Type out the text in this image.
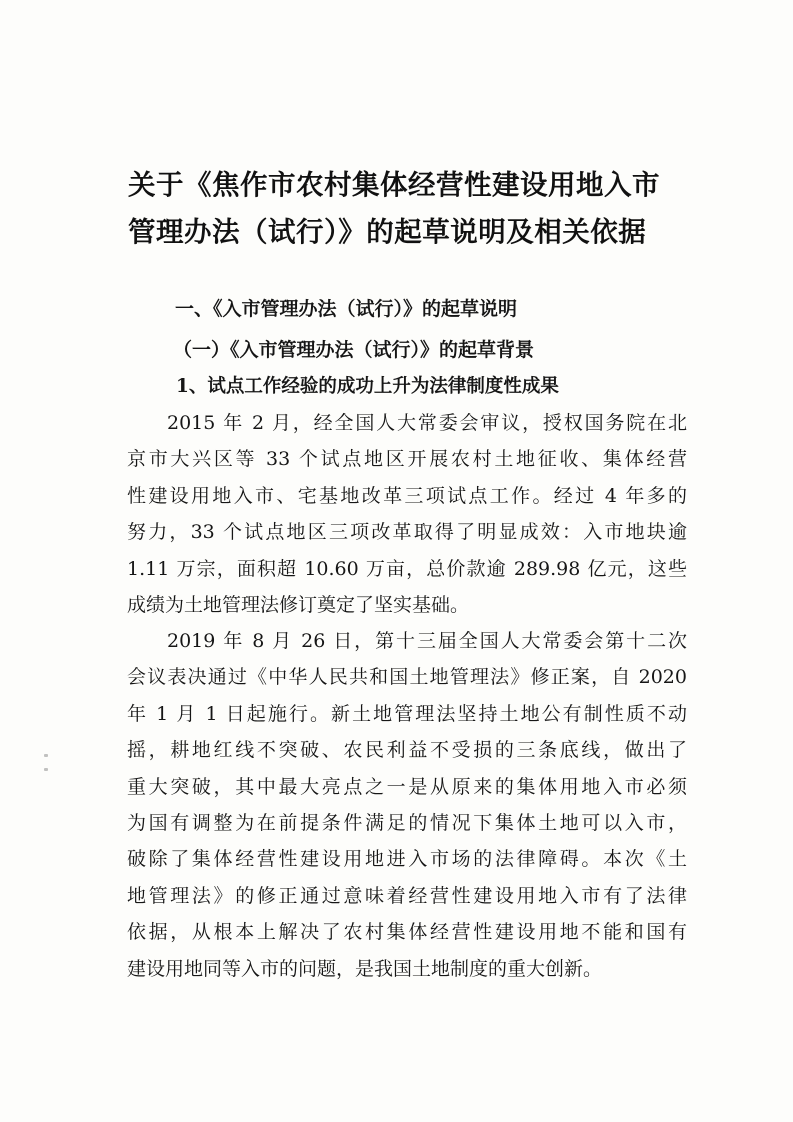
关于《焦作市农村集体经营性建设用地入市
管理办法（试行）》的起草说明及相关依据
一、《入市管理办法（试行）》的起草说明
（一）《入市管理办法（试行）》的起草背景
1、试点工作经验的成功上升为法律制度性成果

2015 年 2 月，经全国人大常委会审议，授权国务院在北
京市大兴区等 33 个试点地区开展农村土地征收、集体经营
性建设用地入市、宅基地改革三项试点工作。经过 4 年多的
努力，33 个试点地区三项改革取得了明显成效：入市地块逾
1.11 万宗，面积超 10.60 万亩，总价款逾 289.98 亿元，这些
成绩为土地管理法修订奠定了坚实基础。

2019 年 8 月 26 日，第十三届全国人大常委会第十二次
会议表决通过《中华人民共和国土地管理法》修正案，自 2020
年 1 月 1 日起施行。新土地管理法坚持土地公有制性质不动
摇，耕地红线不突破、农民利益不受损的三条底线，做出了
重大突破，其中最大亮点之一是从原来的集体用地入市必须
为国有调整为在前提条件满足的情况下集体土地可以入市，
破除了集体经营性建设用地进入市场的法律障碍。本次《土
地管理法》的修正通过意味着经营性建设用地入市有了法律
依据，从根本上解决了农村集体经营性建设用地不能和国有
建设用地同等入市的问题，是我国土地制度的重大创新。
